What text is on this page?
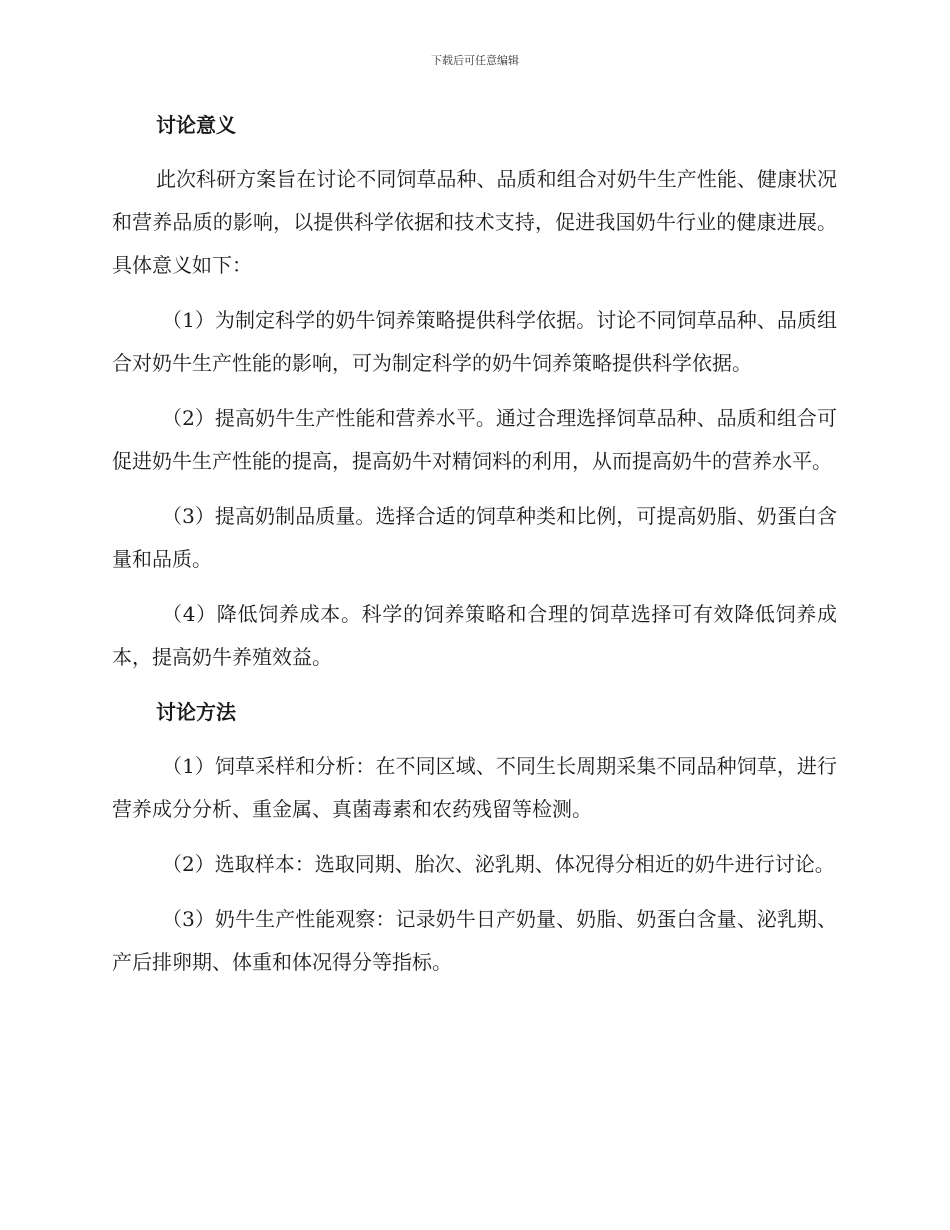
下载后可任意编辑

讨论意义

此次科研方案旨在讨论不同饲草品种、品质和组合对奶牛生产性能、健康状况和营养品质的影响，以提供科学依据和技术支持，促进我国奶牛行业的健康进展。具体意义如下：

（1）为制定科学的奶牛饲养策略提供科学依据。讨论不同饲草品种、品质组合对奶牛生产性能的影响，可为制定科学的奶牛饲养策略提供科学依据。

（2）提高奶牛生产性能和营养水平。通过合理选择饲草品种、品质和组合可促进奶牛生产性能的提高，提高奶牛对精饲料的利用，从而提高奶牛的营养水平。

（3）提高奶制品质量。选择合适的饲草种类和比例，可提高奶脂、奶蛋白含量和品质。

（4）降低饲养成本。科学的饲养策略和合理的饲草选择可有效降低饲养成本，提高奶牛养殖效益。

讨论方法

（1）饲草采样和分析：在不同区域、不同生长周期采集不同品种饲草，进行营养成分分析、重金属、真菌毒素和农药残留等检测。

（2）选取样本：选取同期、胎次、泌乳期、体况得分相近的奶牛进行讨论。

（3）奶牛生产性能观察：记录奶牛日产奶量、奶脂、奶蛋白含量、泌乳期、产后排卵期、体重和体况得分等指标。
